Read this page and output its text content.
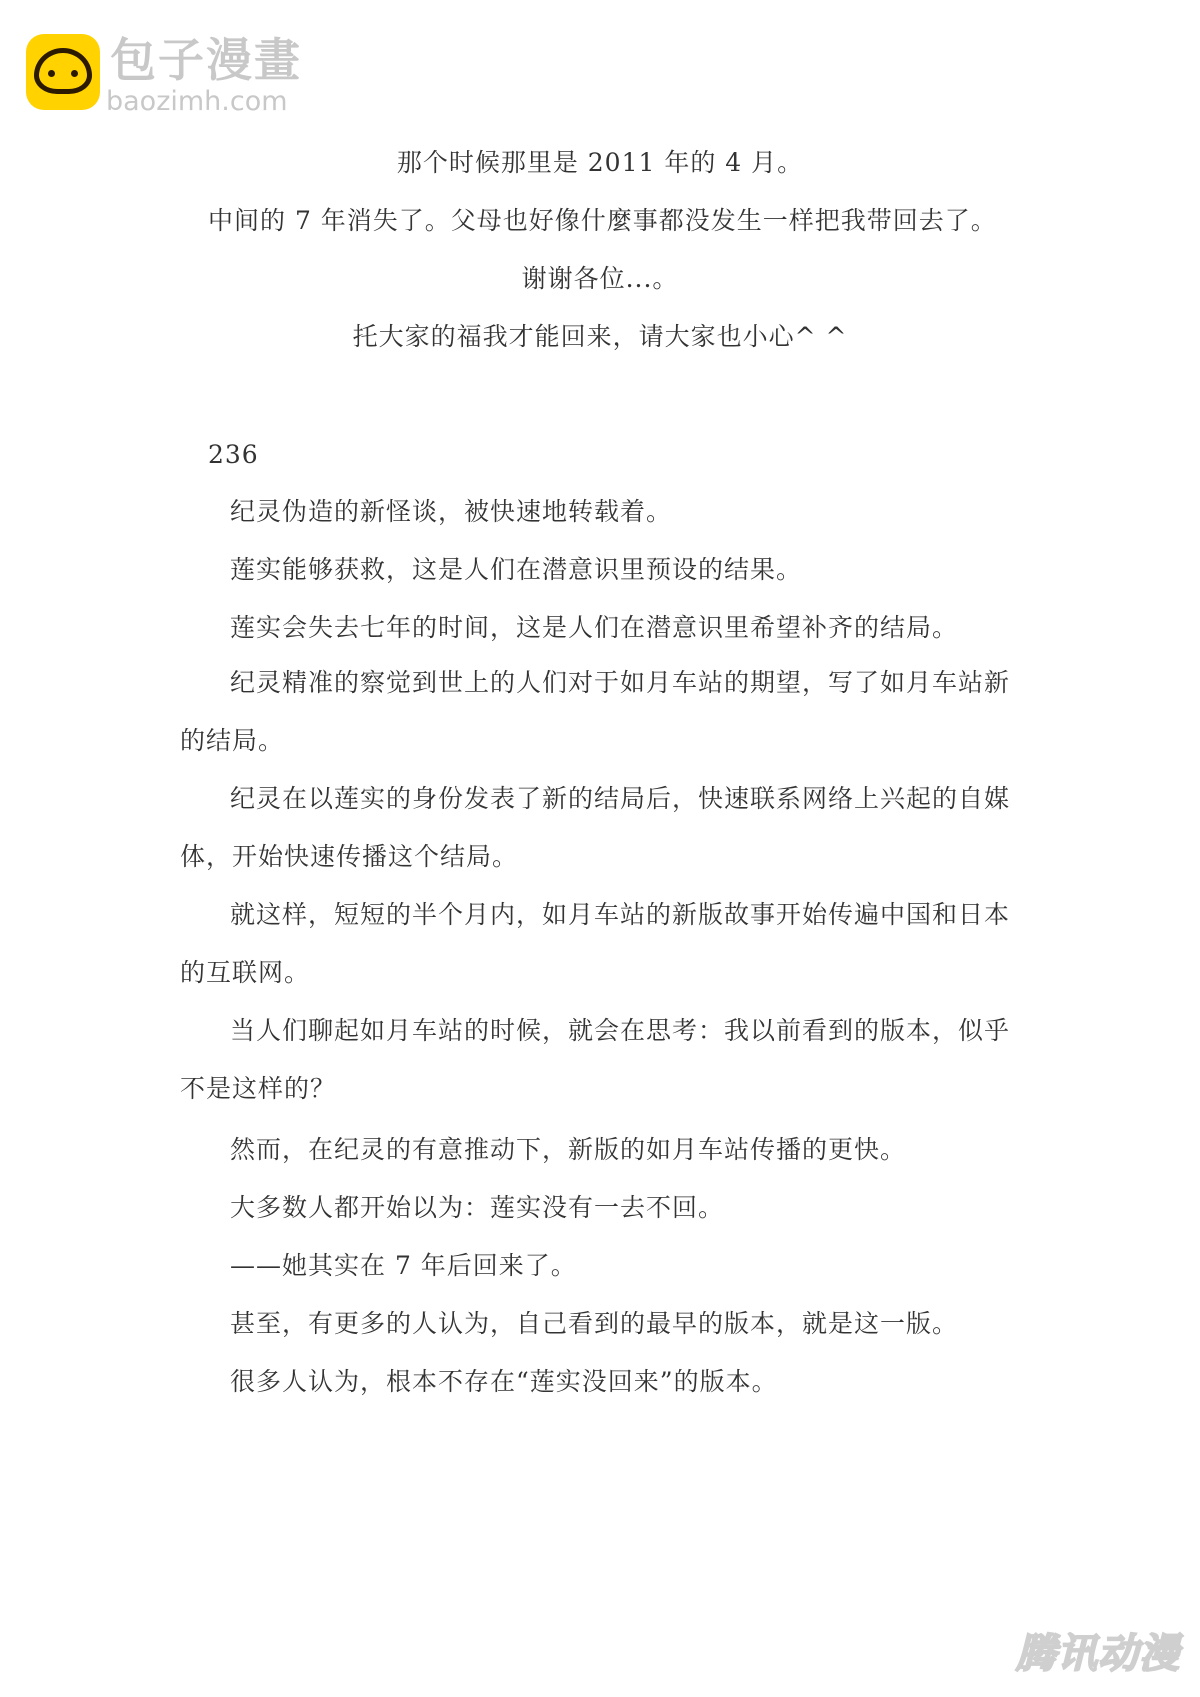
包子漫畫
baozimh.com
那个时候那里是 2011 年的 4 月。
中间的 7 年消失了。父母也好像什麼事都没发生一样把我带回去了。
谢谢各位...。
托大家的福我才能回来，请大家也小心^ ^
236
纪灵伪造的新怪谈，被快速地转载着。
莲实能够获救，这是人们在潜意识里预设的结果。
莲实会失去七年的时间，这是人们在潜意识里希望补齐的结局。
纪灵精准的察觉到世上的人们对于如月车站的期望，写了如月车站新的结局。
纪灵在以莲实的身份发表了新的结局后，快速联系网络上兴起的自媒体，开始快速传播这个结局。
就这样，短短的半个月内，如月车站的新版故事开始传遍中国和日本的互联网。
当人们聊起如月车站的时候，就会在思考：我以前看到的版本，似乎不是这样的？
然而，在纪灵的有意推动下，新版的如月车站传播的更快。
大多数人都开始以为：莲实没有一去不回。
——她其实在 7 年后回来了。
甚至，有更多的人认为，自己看到的最早的版本，就是这一版。
很多人认为，根本不存在“莲实没回来”的版本。
腾讯动漫
